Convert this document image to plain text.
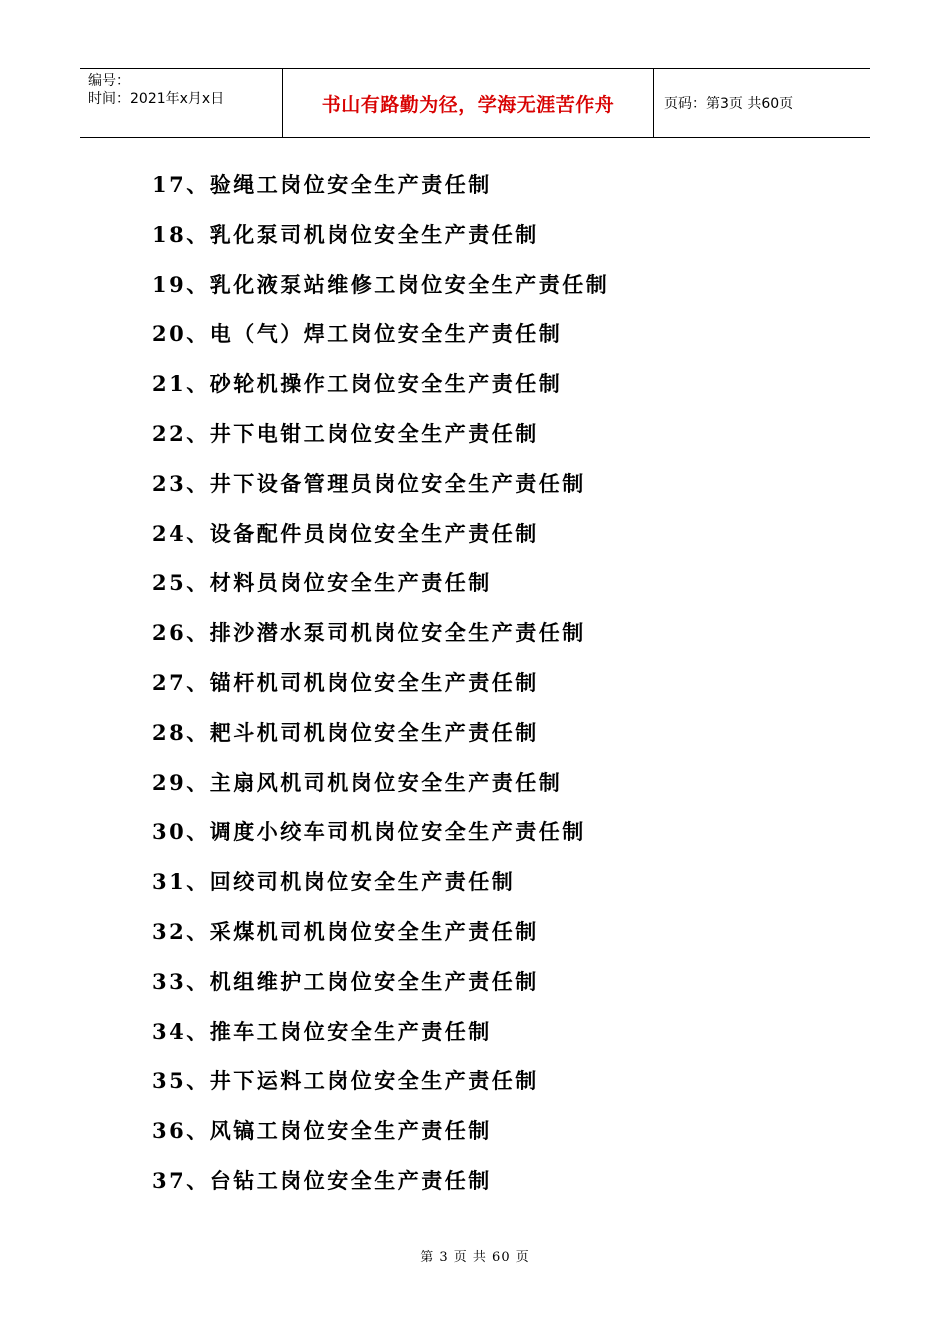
编号：
时间：2021年x月x日	书山有路勤为径，学海无涯苦作舟	页码：第3页 共60页
17、验绳工岗位安全生产责任制
18、乳化泵司机岗位安全生产责任制
19、乳化液泵站维修工岗位安全生产责任制
20、电（气）焊工岗位安全生产责任制
21、砂轮机操作工岗位安全生产责任制
22、井下电钳工岗位安全生产责任制
23、井下设备管理员岗位安全生产责任制
24、设备配件员岗位安全生产责任制
25、材料员岗位安全生产责任制
26、排沙潜水泵司机岗位安全生产责任制
27、锚杆机司机岗位安全生产责任制
28、耙斗机司机岗位安全生产责任制
29、主扇风机司机岗位安全生产责任制
30、调度小绞车司机岗位安全生产责任制
31、回绞司机岗位安全生产责任制
32、采煤机司机岗位安全生产责任制
33、机组维护工岗位安全生产责任制
34、推车工岗位安全生产责任制
35、井下运料工岗位安全生产责任制
36、风镐工岗位安全生产责任制
37、台钻工岗位安全生产责任制
第 3 页 共 60 页
